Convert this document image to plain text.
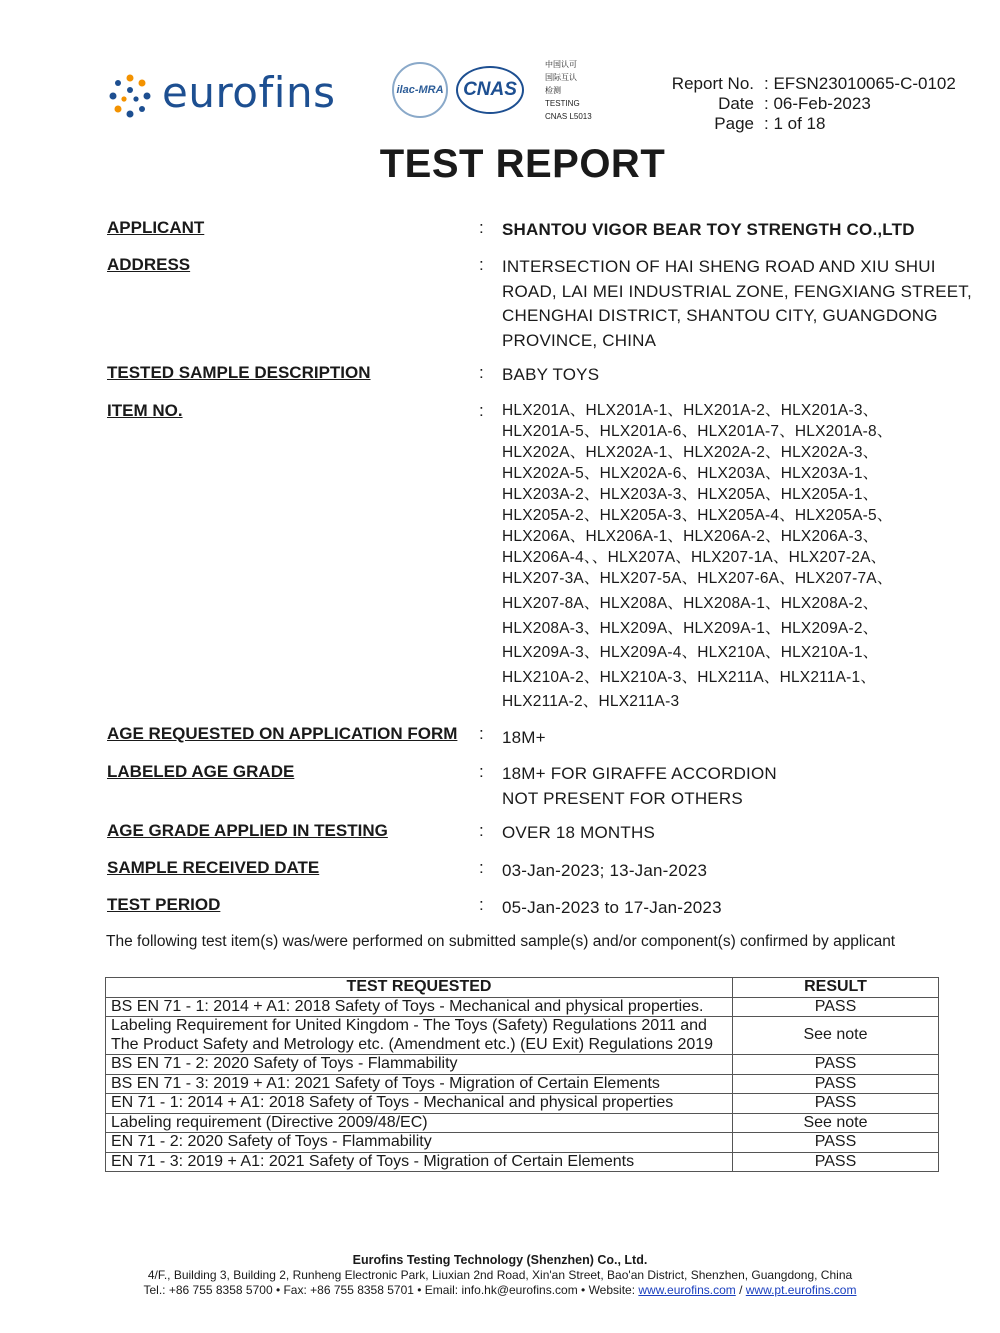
eurofins	ilac-MRA CNAS
中国认可
国际互认
检测
TESTING
CNAS L5013
Report No. : EFSN23010065-C-0102
Date : 06-Feb-2023
Page : 1 of 18
TEST REPORT
APPLICANT	: SHANTOU VIGOR BEAR TOY STRENGTH CO.,LTD
ADDRESS	: INTERSECTION OF HAI SHENG ROAD AND XIU SHUI
ROAD, LAI MEI INDUSTRIAL ZONE, FENGXIANG STREET,
CHENGHAI DISTRICT, SHANTOU CITY, GUANGDONG
PROVINCE, CHINA
TESTED SAMPLE DESCRIPTION	: BABY TOYS
ITEM NO.	: HLX201A、HLX201A-1、HLX201A-2、HLX201A-3、
HLX201A-5、HLX201A-6、HLX201A-7、HLX201A-8、
HLX202A、HLX202A-1、HLX202A-2、HLX202A-3、
HLX202A-5、HLX202A-6、HLX203A、HLX203A-1、
HLX203A-2、HLX203A-3、HLX205A、HLX205A-1、
HLX205A-2、HLX205A-3、HLX205A-4、HLX205A-5、
HLX206A、HLX206A-1、HLX206A-2、HLX206A-3、
HLX206A-4、、HLX207A、HLX207-1A、HLX207-2A、
HLX207-3A、HLX207-5A、HLX207-6A、HLX207-7A、
HLX207-8A、HLX208A、HLX208A-1、HLX208A-2、
HLX208A-3、HLX209A、HLX209A-1、HLX209A-2、
HLX209A-3、HLX209A-4、HLX210A、HLX210A-1、
HLX210A-2、HLX210A-3、HLX211A、HLX211A-1、
HLX211A-2、HLX211A-3
AGE REQUESTED ON APPLICATION FORM : 18M+
LABELED AGE GRADE	: 18M+ FOR GIRAFFE ACCORDION
NOT PRESENT FOR OTHERS
AGE GRADE APPLIED IN TESTING	: OVER 18 MONTHS
SAMPLE RECEIVED DATE	: 03-Jan-2023; 13-Jan-2023
TEST PERIOD	: 05-Jan-2023 to 17-Jan-2023
The following test item(s) was/were performed on submitted sample(s) and/or component(s) confirmed by applicant
TEST REQUESTED	RESULT

BS EN 71 - 1: 2014 + A1: 2018 Safety of Toys - Mechanical and physical properties.	PASS

Labeling Requirement for United Kingdom - The Toys (Safety) Regulations 2011 and
The Product Safety and Metrology etc. (Amendment etc.) (EU Exit) Regulations 2019	See note

BS EN 71 - 2: 2020 Safety of Toys - Flammability	PASS

BS EN 71 - 3: 2019 + A1: 2021 Safety of Toys - Migration of Certain Elements	PASS

EN 71 - 1: 2014 + A1: 2018 Safety of Toys - Mechanical and physical properties	PASS

Labeling requirement (Directive 2009/48/EC)	See note

EN 71 - 2: 2020 Safety of Toys - Flammability	PASS

EN 71 - 3: 2019 + A1: 2021 Safety of Toys - Migration of Certain Elements	PASS
Eurofins Testing Technology (Shenzhen) Co., Ltd.
4/F., Building 3, Building 2, Runheng Electronic Park, Liuxian 2nd Road, Xin'an Street, Bao'an District, Shenzhen, Guangdong, China
Tel.: +86 755 8358 5700 • Fax: +86 755 8358 5701 • Email: info.hk@eurofins.com • Website: www.eurofins.com / www.pt.eurofins.com
